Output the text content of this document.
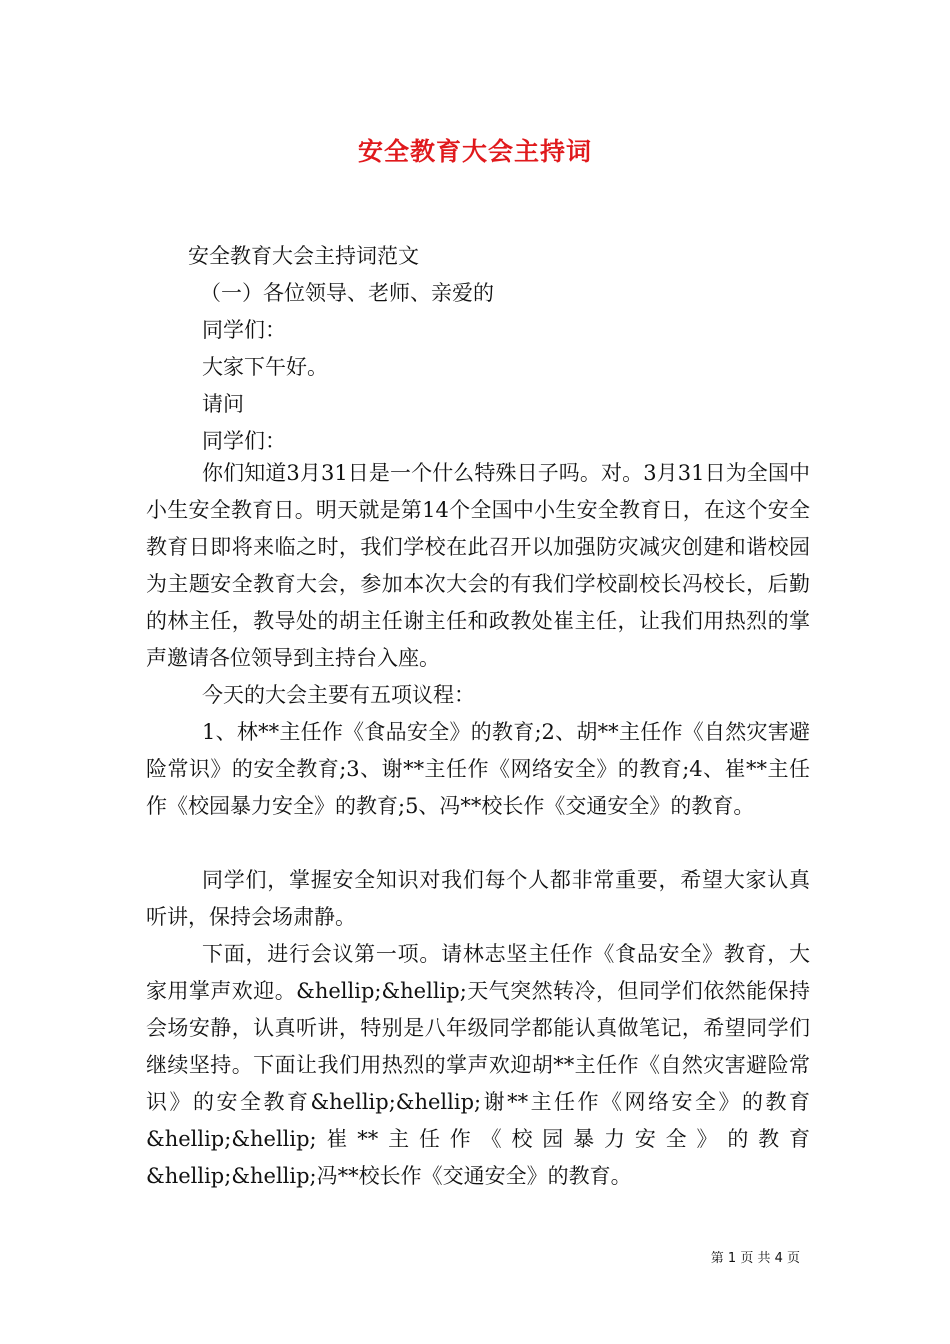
安全教育大会主持词
安全教育大会主持词范文
（一）各位领导、老师、亲爱的
同学们：
大家下午好。
请问
同学们：
你们知道3月31日是一个什么特殊日子吗。对。3月31日为全国中小生安全教育日。明天就是第14个全国中小生安全教育日，在这个安全教育日即将来临之时，我们学校在此召开以加强防灾减灾创建和谐校园为主题安全教育大会，参加本次大会的有我们学校副校长冯校长，后勤的林主任，教导处的胡主任谢主任和政教处崔主任，让我们用热烈的掌声邀请各位领导到主持台入座。
今天的大会主要有五项议程：
1、林**主任作《食品安全》的教育;2、胡**主任作《自然灾害避险常识》的安全教育;3、谢**主任作《网络安全》的教育;4、崔**主任作《校园暴力安全》的教育;5、冯**校长作《交通安全》的教育。
同学们，掌握安全知识对我们每个人都非常重要，希望大家认真听讲，保持会场肃静。
下面，进行会议第一项。请林志坚主任作《食品安全》教育，大家用掌声欢迎。&hellip;&hellip;天气突然转冷，但同学们依然能保持会场安静，认真听讲，特别是八年级同学都能认真做笔记，希望同学们继续坚持。下面让我们用热烈的掌声欢迎胡**主任作《自然灾害避险常识》的安全教育&hellip;&hellip;谢**主任作《网络安全》的教育&hellip;&hellip;崔**主任作《校园暴力安全》的教育&hellip;&hellip;冯**校长作《交通安全》的教育。
第 1 页 共 4 页
